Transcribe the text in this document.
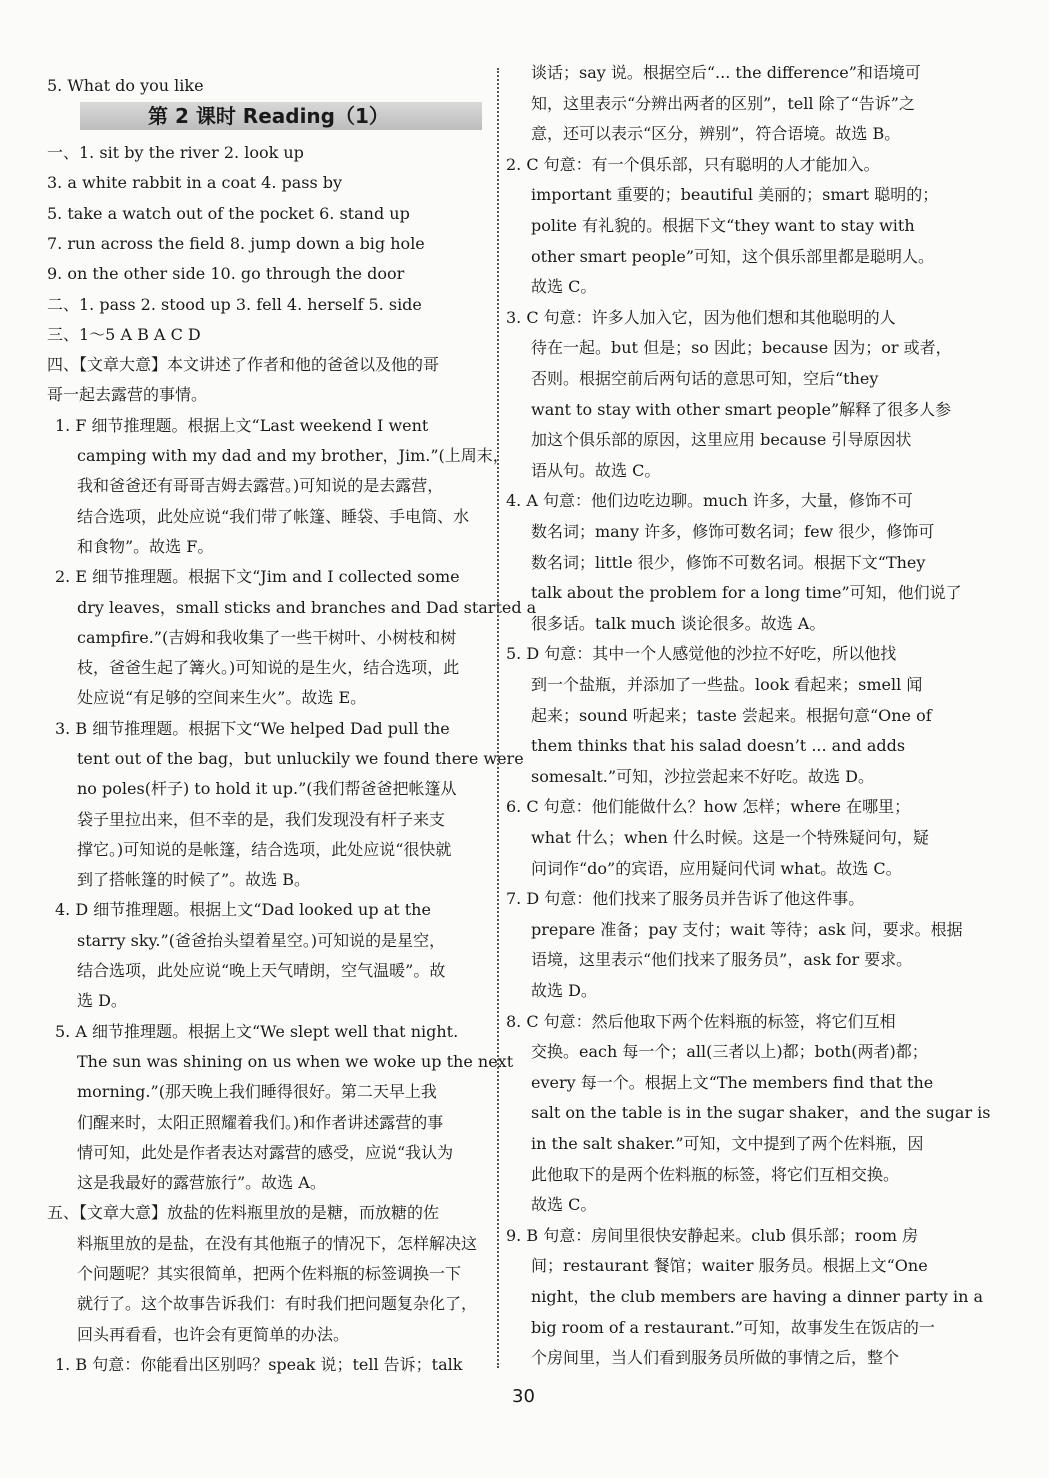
第 2 课时 Reading（1）
5. What do you like
一、1. sit by the river 2. look up
3. a white rabbit in a coat 4. pass by
5. take a watch out of the pocket 6. stand up
7. run across the field 8. jump down a big hole
9. on the other side 10. go through the door
二、1. pass 2. stood up 3. fell 4. herself 5. side
三、1～5 A B A C D
四、【文章大意】本文讲述了作者和他的爸爸以及他的哥
哥一起去露营的事情。
1. F 细节推理题。根据上文“Last weekend I went
camping with my dad and my brother，Jim.”(上周末，
我和爸爸还有哥哥吉姆去露营。)可知说的是去露营，
结合选项，此处应说“我们带了帐篷、睡袋、手电筒、水
和食物”。故选 F。
2. E 细节推理题。根据下文“Jim and I collected some
dry leaves，small sticks and branches and Dad started a
campfire.”(吉姆和我收集了一些干树叶、小树枝和树
枝，爸爸生起了篝火。)可知说的是生火，结合选项，此
处应说“有足够的空间来生火”。故选 E。
3. B 细节推理题。根据下文“We helped Dad pull the
tent out of the bag，but unluckily we found there were
no poles(杆子) to hold it up.”(我们帮爸爸把帐篷从
袋子里拉出来，但不幸的是，我们发现没有杆子来支
撑它。)可知说的是帐篷，结合选项，此处应说“很快就
到了搭帐篷的时候了”。故选 B。
4. D 细节推理题。根据上文“Dad looked up at the
starry sky.”(爸爸抬头望着星空。)可知说的是星空，
结合选项，此处应说“晚上天气晴朗，空气温暖”。故
选 D。
5. A 细节推理题。根据上文“We slept well that night.
The sun was shining on us when we woke up the next
morning.”(那天晚上我们睡得很好。第二天早上我
们醒来时，太阳正照耀着我们。)和作者讲述露营的事
情可知，此处是作者表达对露营的感受，应说“我认为
这是我最好的露营旅行”。故选 A。
五、【文章大意】放盐的佐料瓶里放的是糖，而放糖的佐
料瓶里放的是盐，在没有其他瓶子的情况下，怎样解决这
个问题呢？其实很简单，把两个佐料瓶的标签调换一下
就行了。这个故事告诉我们：有时我们把问题复杂化了，
回头再看看，也许会有更简单的办法。
1. B 句意：你能看出区别吗？speak 说；tell 告诉；talk
谈话；say 说。根据空后“... the difference”和语境可
知，这里表示“分辨出两者的区别”，tell 除了“告诉”之
意，还可以表示“区分，辨别”，符合语境。故选 B。
2. C 句意：有一个俱乐部，只有聪明的人才能加入。
important 重要的；beautiful 美丽的；smart 聪明的；
polite 有礼貌的。根据下文“they want to stay with
other smart people”可知，这个俱乐部里都是聪明人。
故选 C。
3. C 句意：许多人加入它，因为他们想和其他聪明的人
待在一起。but 但是；so 因此；because 因为；or 或者，
否则。根据空前后两句话的意思可知，空后“they
want to stay with other smart people”解释了很多人参
加这个俱乐部的原因，这里应用 because 引导原因状
语从句。故选 C。
4. A 句意：他们边吃边聊。much 许多，大量，修饰不可
数名词；many 许多，修饰可数名词；few 很少，修饰可
数名词；little 很少，修饰不可数名词。根据下文“They
talk about the problem for a long time”可知，他们说了
很多话。talk much 谈论很多。故选 A。
5. D 句意：其中一个人感觉他的沙拉不好吃，所以他找
到一个盐瓶，并添加了一些盐。look 看起来；smell 闻
起来；sound 听起来；taste 尝起来。根据句意“One of
them thinks that his salad doesn’t ... and adds
somesalt.”可知，沙拉尝起来不好吃。故选 D。
6. C 句意：他们能做什么？how 怎样；where 在哪里；
what 什么；when 什么时候。这是一个特殊疑问句，疑
问词作“do”的宾语，应用疑问代词 what。故选 C。
7. D 句意：他们找来了服务员并告诉了他这件事。
prepare 准备；pay 支付；wait 等待；ask 问，要求。根据
语境，这里表示“他们找来了服务员”，ask for 要求。
故选 D。
8. C 句意：然后他取下两个佐料瓶的标签，将它们互相
交换。each 每一个；all(三者以上)都；both(两者)都；
every 每一个。根据上文“The members find that the
salt on the table is in the sugar shaker，and the sugar is
in the salt shaker.”可知，文中提到了两个佐料瓶，因
此他取下的是两个佐料瓶的标签，将它们互相交换。
故选 C。
9. B 句意：房间里很快安静起来。club 俱乐部；room 房
间；restaurant 餐馆；waiter 服务员。根据上文“One
night，the club members are having a dinner party in a
big room of a restaurant.”可知，故事发生在饭店的一
个房间里，当人们看到服务员所做的事情之后，整个
30
